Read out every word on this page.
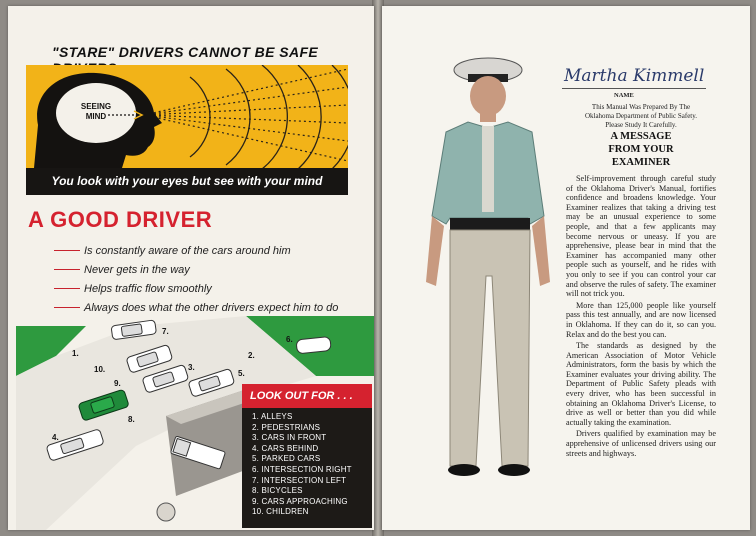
"STARE" DRIVERS CANNOT BE SAFE
SEEING
MIND
You look with your eyes but see with your mind
A GOOD DRIVER
Is constantly aware of the cars around him
Never gets in the way
Helps traffic flow smoothly
Always does what the other drivers expect him to do
7.
6.
1.
10.
9.
3.
2.
5.
8.
4.
LOOK OUT FOR . . .
1. ALLEYS
2. PEDESTRIANS
3. CARS IN FRONT
4. CARS BEHIND
5. PARKED CARS
6. INTERSECTION RIGHT
7. INTERSECTION LEFT
8. BICYCLES
9. CARS APPROACHING
10. CHILDREN
Martha Kimmell
NAME
This Manual Was Prepared By The
Oklahoma Department of Public Safety.
Please Study It Carefully.
A MESSAGE
FROM YOUR
EXAMINER

Self-improvement through careful study of the Oklahoma Driver's Manual, fortifies confidence and broadens knowledge. Your Examiner realizes that taking a driving test may be an unusual experience to some people, and that a few applicants may become nervous or uneasy. If you are apprehensive, please bear in mind that the Examiner has accompanied many other people such as yourself, and he rides with you only to see if you can control your car and observe the rules of safety. The examiner will not trick you.

More than 125,000 people like yourself pass this test annually, and are now licensed in Oklahoma. If they can do it, so can you. Relax and do the best you can.

The standards as designed by the American Association of Motor Vehicle Administrators, form the basis by which the Examiner evaluates your driving ability. The Department of Public Safety pleads with every driver, who has been successful in obtaining an Oklahoma Driver's License, to drive as well or better than you did while actually taking the examination.

Drivers qualified by examination may be apprehensive of unlicensed drivers using our streets and highways.
